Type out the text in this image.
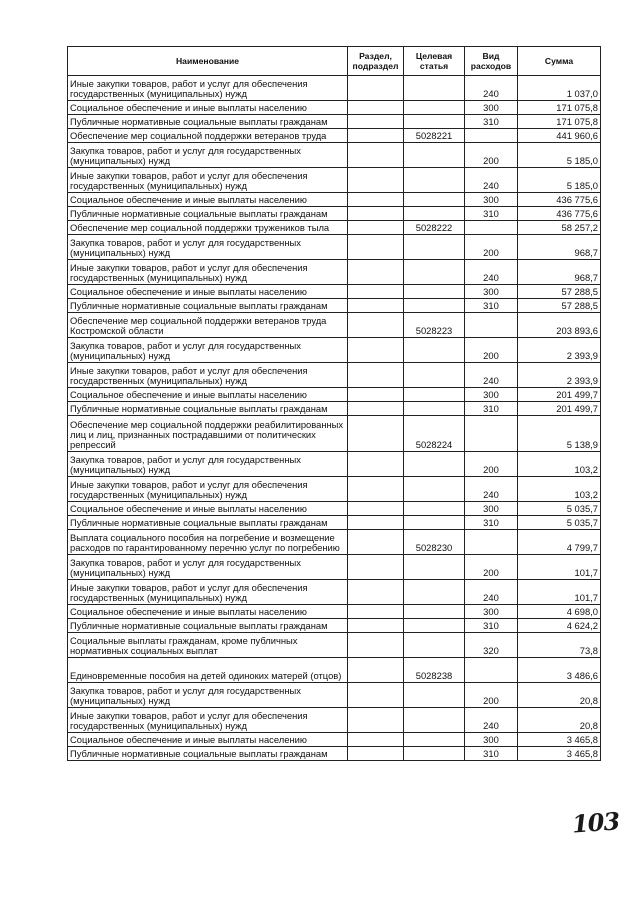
Наименование	Раздел, подраздел	Целевая статья	Вид расходов	Сумма
Иные закупки товаров, работ и услуг для обеспечения государственных (муниципальных) нужд			240	1 037,0
Социальное обеспечение и иные выплаты населению			300	171 075,8
Публичные нормативные социальные выплаты гражданам			310	171 075,8
Обеспечение мер социальной поддержки ветеранов труда		5028221		441 960,6
Закупка товаров, работ и услуг для государственных (муниципальных) нужд			200	5 185,0
Иные закупки товаров, работ и услуг для обеспечения государственных (муниципальных) нужд			240	5 185,0
Социальное обеспечение и иные выплаты населению			300	436 775,6
Публичные нормативные социальные выплаты гражданам			310	436 775,6
Обеспечение мер социальной поддержки тружеников тыла		5028222		58 257,2
Закупка товаров, работ и услуг для государственных (муниципальных) нужд			200	968,7
Иные закупки товаров, работ и услуг для обеспечения государственных (муниципальных) нужд			240	968,7
Социальное обеспечение и иные выплаты населению			300	57 288,5
Публичные нормативные социальные выплаты гражданам			310	57 288,5
Обеспечение мер социальной поддержки ветеранов труда Костромской области		5028223		203 893,6
Закупка товаров, работ и услуг для государственных (муниципальных) нужд			200	2 393,9
Иные закупки товаров, работ и услуг для обеспечения государственных (муниципальных) нужд			240	2 393,9
Социальное обеспечение и иные выплаты населению			300	201 499,7
Публичные нормативные социальные выплаты гражданам			310	201 499,7
Обеспечение мер социальной поддержки реабилитированных лиц и лиц, признанных пострадавшими от политических репрессий		5028224		5 138,9
Закупка товаров, работ и услуг для государственных (муниципальных) нужд			200	103,2
Иные закупки товаров, работ и услуг для обеспечения государственных (муниципальных) нужд			240	103,2
Социальное обеспечение и иные выплаты населению			300	5 035,7
Публичные нормативные социальные выплаты гражданам			310	5 035,7
Выплата социального пособия на погребение и возмещение расходов по гарантированному перечню услуг по погребению		5028230		4 799,7
Закупка товаров, работ и услуг для государственных (муниципальных) нужд			200	101,7
Иные закупки товаров, работ и услуг для обеспечения государственных (муниципальных) нужд			240	101,7
Социальное обеспечение и иные выплаты населению			300	4 698,0
Публичные нормативные социальные выплаты гражданам			310	4 624,2
Социальные выплаты гражданам, кроме публичных нормативных социальных выплат			320	73,8
Единовременные пособия на детей одиноких матерей (отцов)		5028238		3 486,6
Закупка товаров, работ и услуг для государственных (муниципальных) нужд			200	20,8
Иные закупки товаров, работ и услуг для обеспечения государственных (муниципальных) нужд			240	20,8
Социальное обеспечение и иные выплаты населению			300	3 465,8
Публичные нормативные социальные выплаты гражданам			310	3 465,8
103
